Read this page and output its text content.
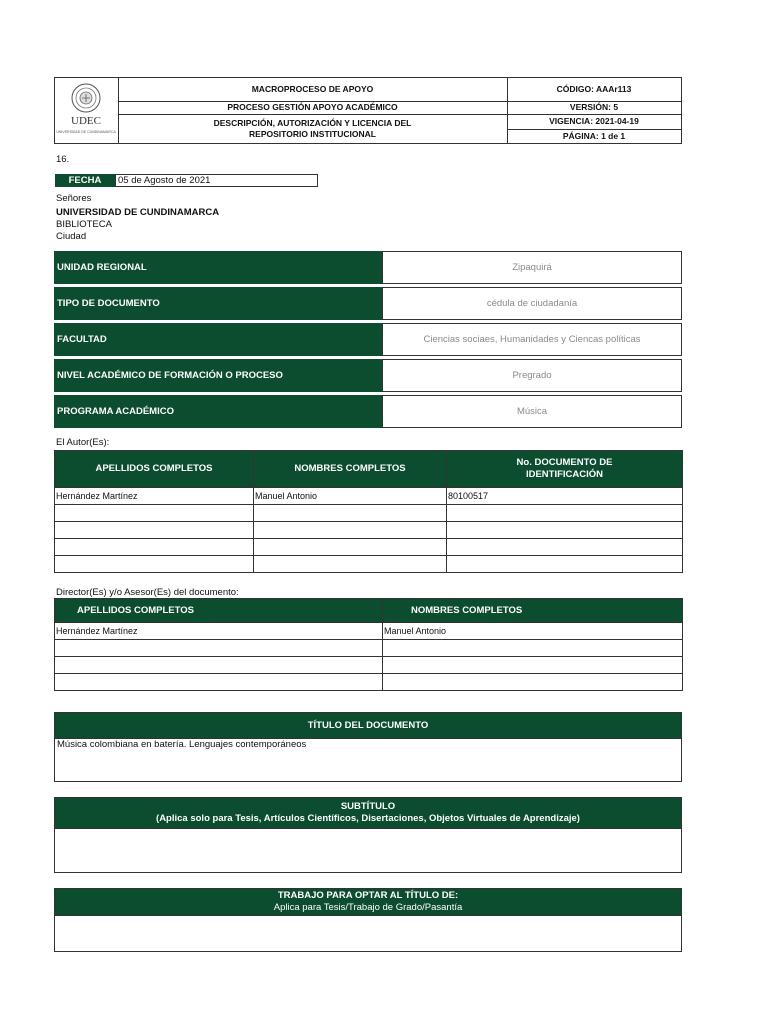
UDEC
UNIVERSIDAD DE CUNDINAMARCA
MACROPROCESO DE APOYO
PROCESO GESTIÓN APOYO ACADÉMICO
DESCRIPCIÓN, AUTORIZACIÓN Y LICENCIA DEL
REPOSITORIO INSTITUCIONAL
CÓDIGO: AAAr113
VERSIÓN: 5
VIGENCIA: 2021-04-19
PÁGINA: 1 de 1
16.
FECHA	05 de Agosto de 2021
Señores
UNIVERSIDAD DE CUNDINAMARCA
BIBLIOTECA
Ciudad
UNIDAD REGIONAL	Zipaquirá
TIPO DE DOCUMENTO	cédula de ciudadanía
FACULTAD	Ciencias sociaes, Humanidades y Ciencas políticas
NIVEL ACADÉMICO DE FORMACIÓN O PROCESO	Pregrado
PROGRAMA ACADÉMICO	Música
El Autor(Es):
APELLIDOS COMPLETOS	NOMBRES COMPLETOS	No. DOCUMENTO DE
IDENTIFICACIÓN

Hernández Martínez	Manuel Antonio	80100517

Director(Es) y/o Asesor(Es) del documento:
APELLIDOS COMPLETOS	NOMBRES COMPLETOS
Hernández Martínez	Manuel Antonio

TÍTULO DEL DOCUMENTO
Música colombiana en batería. Lenguajes contemporáneos
SUBTÍTULO
(Aplica solo para Tesis, Artículos Científicos, Disertaciones, Objetos Virtuales de Aprendizaje)
TRABAJO PARA OPTAR AL TÍTULO DE:
Aplica para Tesis/Trabajo de Grado/Pasantía
